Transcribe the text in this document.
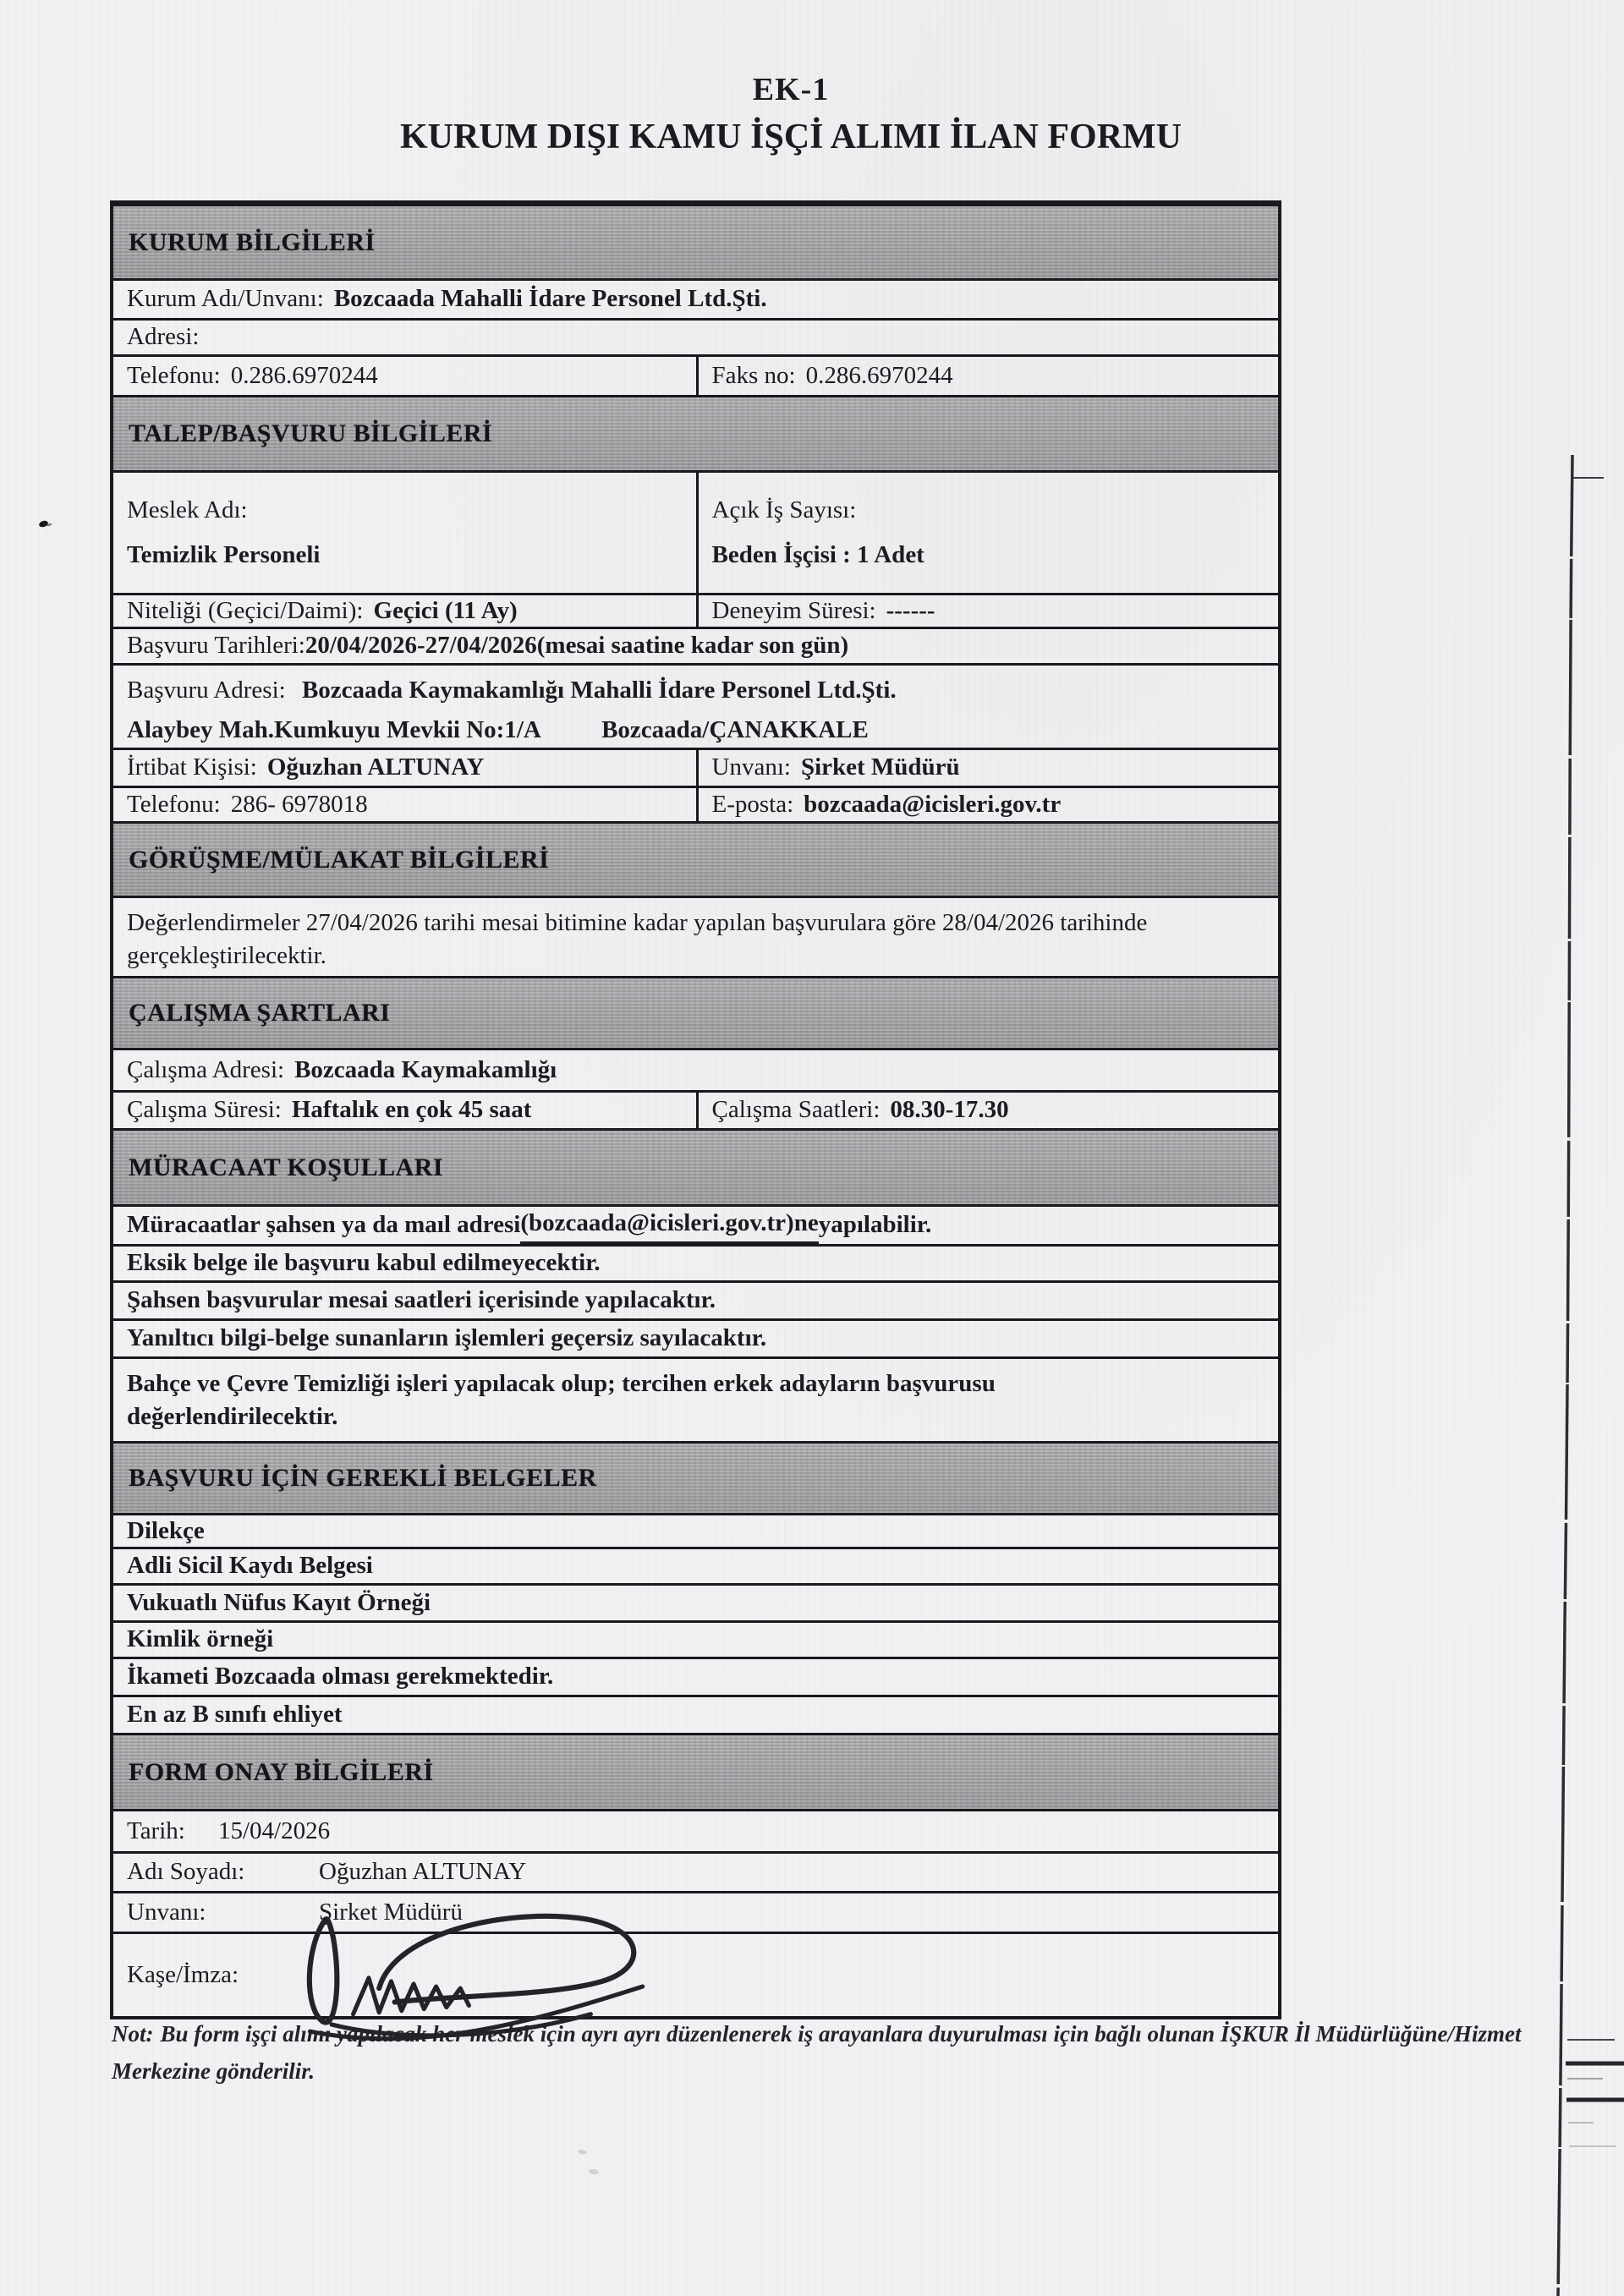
EK-1
KURUM DIŞI KAMU İŞÇİ ALIMI İLAN FORMU
KURUM BİLGİLERİ
Kurum Adı/Unvanı: Bozcaada Mahalli İdare Personel Ltd.Şti.
Adresi:
Telefonu: 0.286.6970244	Faks no: 0.286.6970244
TALEP/BAŞVURU BİLGİLERİ
Meslek Adı:
Temizlik Personeli
Açık İş Sayısı:
Beden İşçisi : 1 Adet
Niteliği (Geçici/Daimi): Geçici (11 Ay)	Deneyim Süresi: ------
Başvuru Tarihleri: 20/04/2026-27/04/2026 (mesai saatine kadar son gün)
Başvuru Adresi: Bozcaada Kaymakamlığı Mahalli İdare Personel Ltd.Şti.
Alaybey Mah.Kumkuyu Mevkii No:1/A Bozcaada/ÇANAKKALE
İrtibat Kişisi: Oğuzhan ALTUNAY	Unvanı: Şirket Müdürü
Telefonu: 286- 6978018	E-posta: bozcaada@icisleri.gov.tr
GÖRÜŞME/MÜLAKAT BİLGİLERİ
Değerlendirmeler 27/04/2026 tarihi mesai bitimine kadar yapılan başvurulara göre 28/04/2026 tarihinde gerçekleştirilecektir.
ÇALIŞMA ŞARTLARI
Çalışma Adresi: Bozcaada Kaymakamlığı
Çalışma Süresi: Haftalık en çok 45 saat	Çalışma Saatleri: 08.30-17.30
MÜRACAAT KOŞULLARI
Müracaatlar şahsen ya da maıl adresi (bozcaada@icisleri.gov.tr)ne yapılabilir.
Eksik belge ile başvuru kabul edilmeyecektir.
Şahsen başvurular mesai saatleri içerisinde yapılacaktır.
Yanıltıcı bilgi-belge sunanların işlemleri geçersiz sayılacaktır.
Bahçe ve Çevre Temizliği işleri yapılacak olup; tercihen erkek adayların başvurusu değerlendirilecektir.
BAŞVURU İÇİN GEREKLİ BELGELER
Dilekçe
Adli Sicil Kaydı Belgesi
Vukuatlı Nüfus Kayıt Örneği
Kimlik örneği
İkameti Bozcaada olması gerekmektedir.
En az B sınıfı ehliyet
FORM ONAY BİLGİLERİ
Tarih:	15/04/2026
Adı Soyadı:	Oğuzhan ALTUNAY
Unvanı:	Şirket Müdürü
Kaşe/İmza:
Not: Bu form işçi alımı yapılacak her meslek için ayrı ayrı düzenlenerek iş arayanlara duyurulması için bağlı olunan İŞKUR İl Müdürlüğüne/Hizmet Merkezine gönderilir.
